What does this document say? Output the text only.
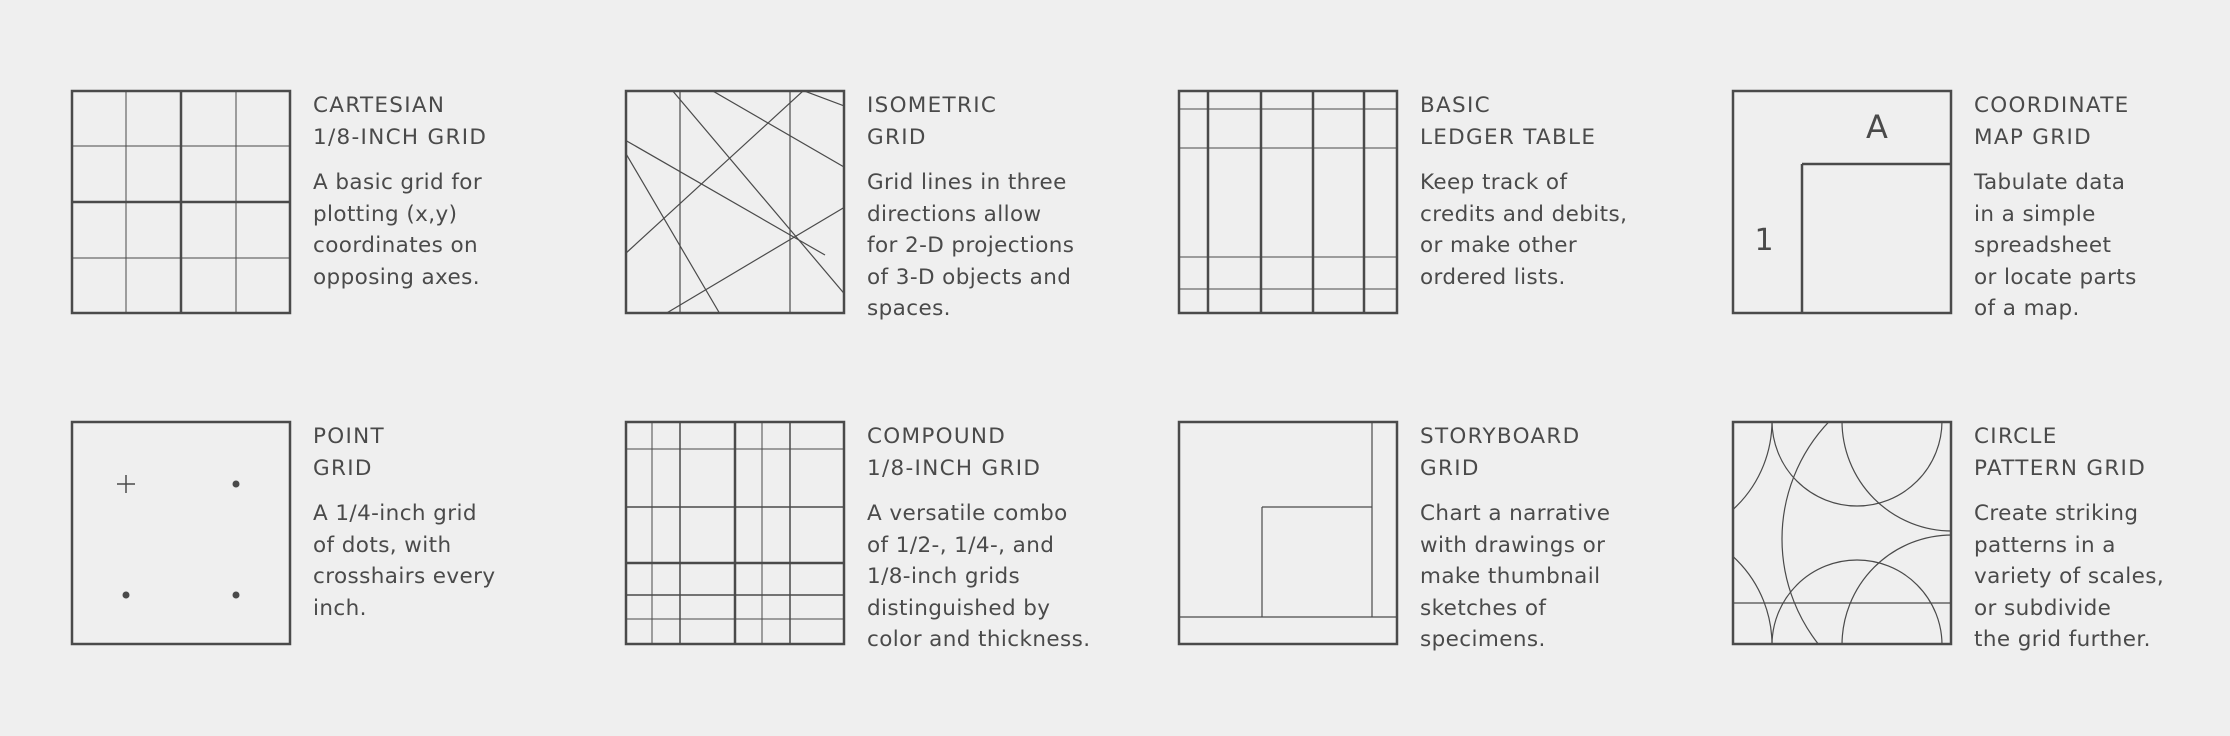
CARTESIAN
1/8-INCH GRID
A basic grid for
plotting (x,y)
coordinates on
opposing axes.
ISOMETRIC
GRID
Grid lines in three
directions allow
for 2-D projections
of 3-D objects and
spaces.
BASIC
LEDGER TABLE
Keep track of
credits and debits,
or make other
ordered lists.
A
1
COORDINATE
MAP GRID
Tabulate data
in a simple
spreadsheet
or locate parts
of a map.
POINT
GRID
A 1/4-inch grid
of dots, with
crosshairs every
inch.
COMPOUND
1/8-INCH GRID
A versatile combo
of 1/2-, 1/4-, and
1/8-inch grids
distinguished by
color and thickness.
STORYBOARD
GRID
Chart a narrative
with drawings or
make thumbnail
sketches of
specimens.
CIRCLE
PATTERN GRID
Create striking
patterns in a
variety of scales,
or subdivide
the grid further.
